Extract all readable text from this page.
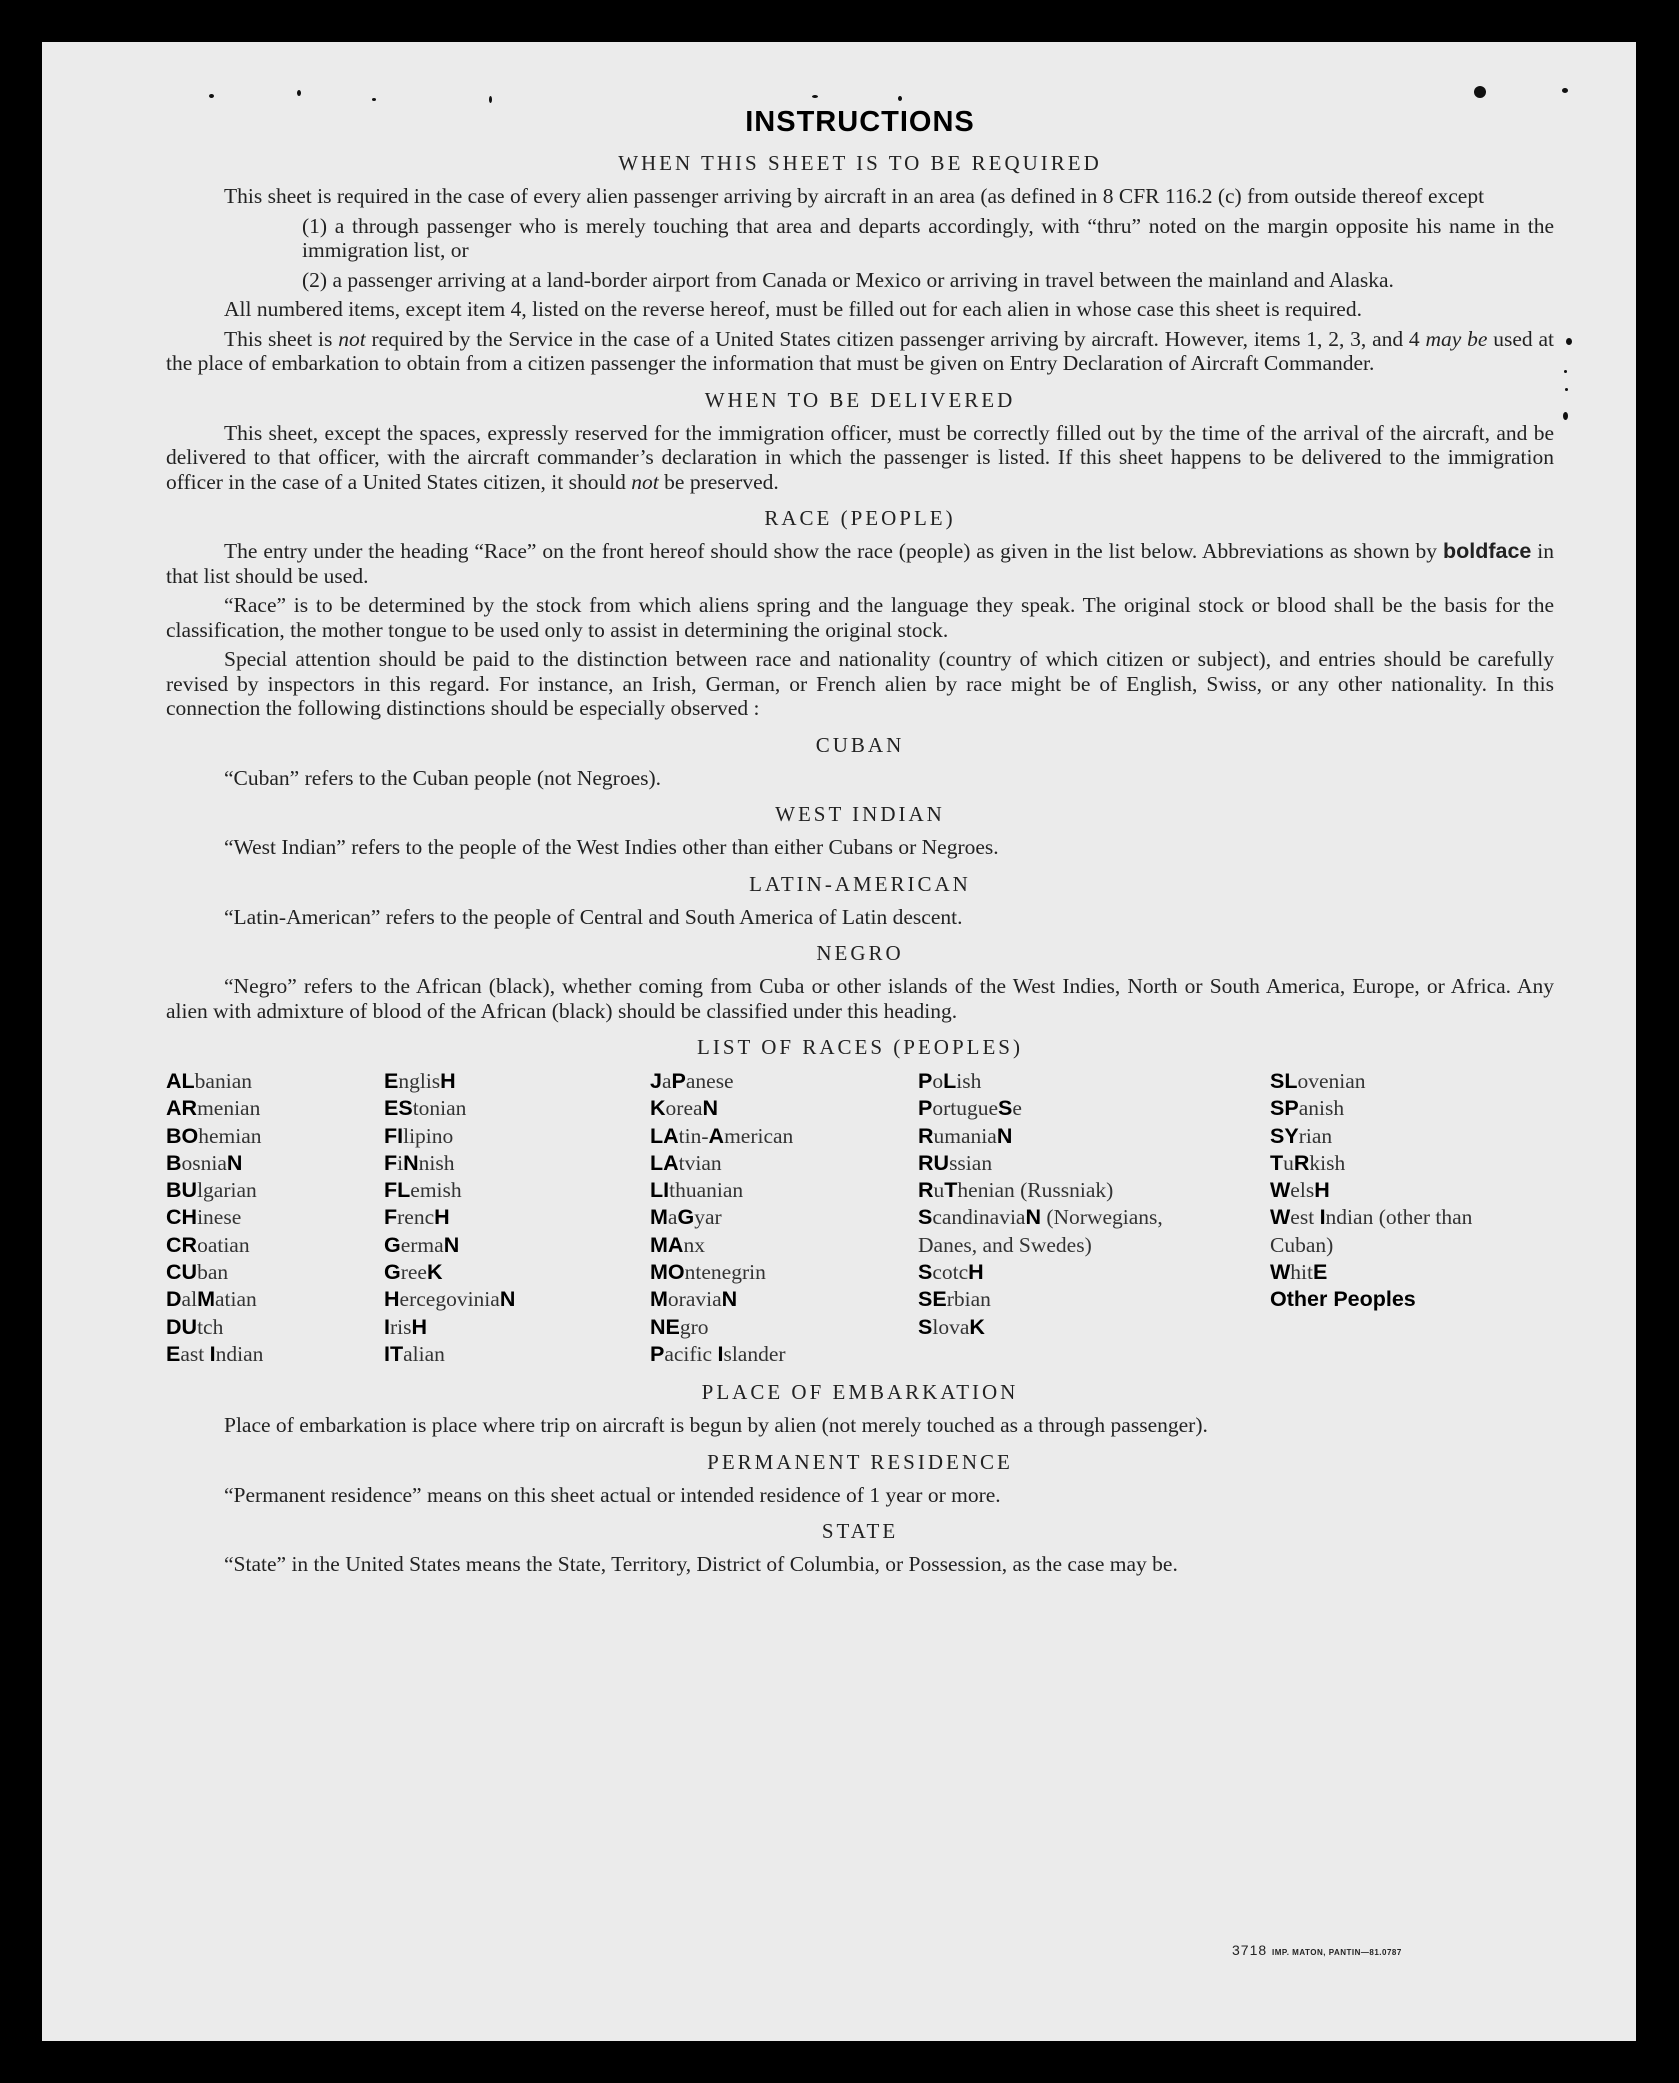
INSTRUCTIONS
WHEN THIS SHEET IS TO BE REQUIRED

This sheet is required in the case of every alien passenger arriving by aircraft in an area (as defined in 8 CFR 116.2 (c) from outside thereof except

(1) a through passenger who is merely touching that area and departs accordingly, with “thru” noted on the margin opposite his name in the immigration list, or

(2) a passenger arriving at a land-border airport from Canada or Mexico or arriving in travel between the mainland and Alaska.

All numbered items, except item 4, listed on the reverse hereof, must be filled out for each alien in whose case this sheet is required.

This sheet is not required by the Service in the case of a United States citizen passenger arriving by aircraft. However, items 1, 2, 3, and 4 may be used at the place of embarkation to obtain from a citizen passenger the information that must be given on Entry Declaration of Aircraft Commander.

WHEN TO BE DELIVERED

This sheet, except the spaces, expressly reserved for the immigration officer, must be correctly filled out by the time of the arrival of the aircraft, and be delivered to that officer, with the aircraft commander’s declaration in which the passenger is listed. If this sheet happens to be delivered to the immigration officer in the case of a United States citizen, it should not be preserved.

RACE (PEOPLE)

The entry under the heading “Race” on the front hereof should show the race (people) as given in the list below. Abbreviations as shown by boldface in that list should be used.

“Race” is to be determined by the stock from which aliens spring and the language they speak. The original stock or blood shall be the basis for the classification, the mother tongue to be used only to assist in determining the original stock.

Special attention should be paid to the distinction between race and nationality (country of which citizen or subject), and entries should be carefully revised by inspectors in this regard. For instance, an Irish, German, or French alien by race might be of English, Swiss, or any other nationality. In this connection the following distinctions should be especially observed :

CUBAN

“Cuban” refers to the Cuban people (not Negroes).

WEST INDIAN

“West Indian” refers to the people of the West Indies other than either Cubans or Negroes.

LATIN-AMERICAN

“Latin-American” refers to the people of Central and South America of Latin descent.

NEGRO

“Negro” refers to the African (black), whether coming from Cuba or other islands of the West Indies, North or South America, Europe, or Africa. Any alien with admixture of blood of the African (black) should be classified under this heading.

LIST OF RACES (PEOPLES)
ALbanian
ARmenian
BOhemian
BosniaN
BUlgarian
CHinese
CRoatian
CUban
DalMatian
DUtch
East Indian
EnglisH
EStonian
FIlipino
FiNnish
FLemish
FrencH
GermaN
GreeK
HercegoviniaN
IrisH
ITalian
JaPanese
KoreaN
LAtin-American
LAtvian
LIthuanian
MaGyar
MAnx
MOntenegrin
MoraviaN
NEgro
Pacific Islander
PoLish
PortugueSe
RumaniaN
RUssian
RuThenian (Russniak)
ScandinaviaN (Norwegians, Danes, and Swedes)
ScotcH
SErbian
SlovaK
SLovenian
SPanish
SYrian
TuRkish
WelsH
West Indian (other than Cuban)
WhitE
Other Peoples
PLACE OF EMBARKATION

Place of embarkation is place where trip on aircraft is begun by alien (not merely touched as a through passenger).

PERMANENT RESIDENCE

“Permanent residence” means on this sheet actual or intended residence of 1 year or more.

STATE

“State” in the United States means the State, Territory, District of Columbia, or Possession, as the case may be.

3718 IMP. MATON, PANTIN—81.0787
